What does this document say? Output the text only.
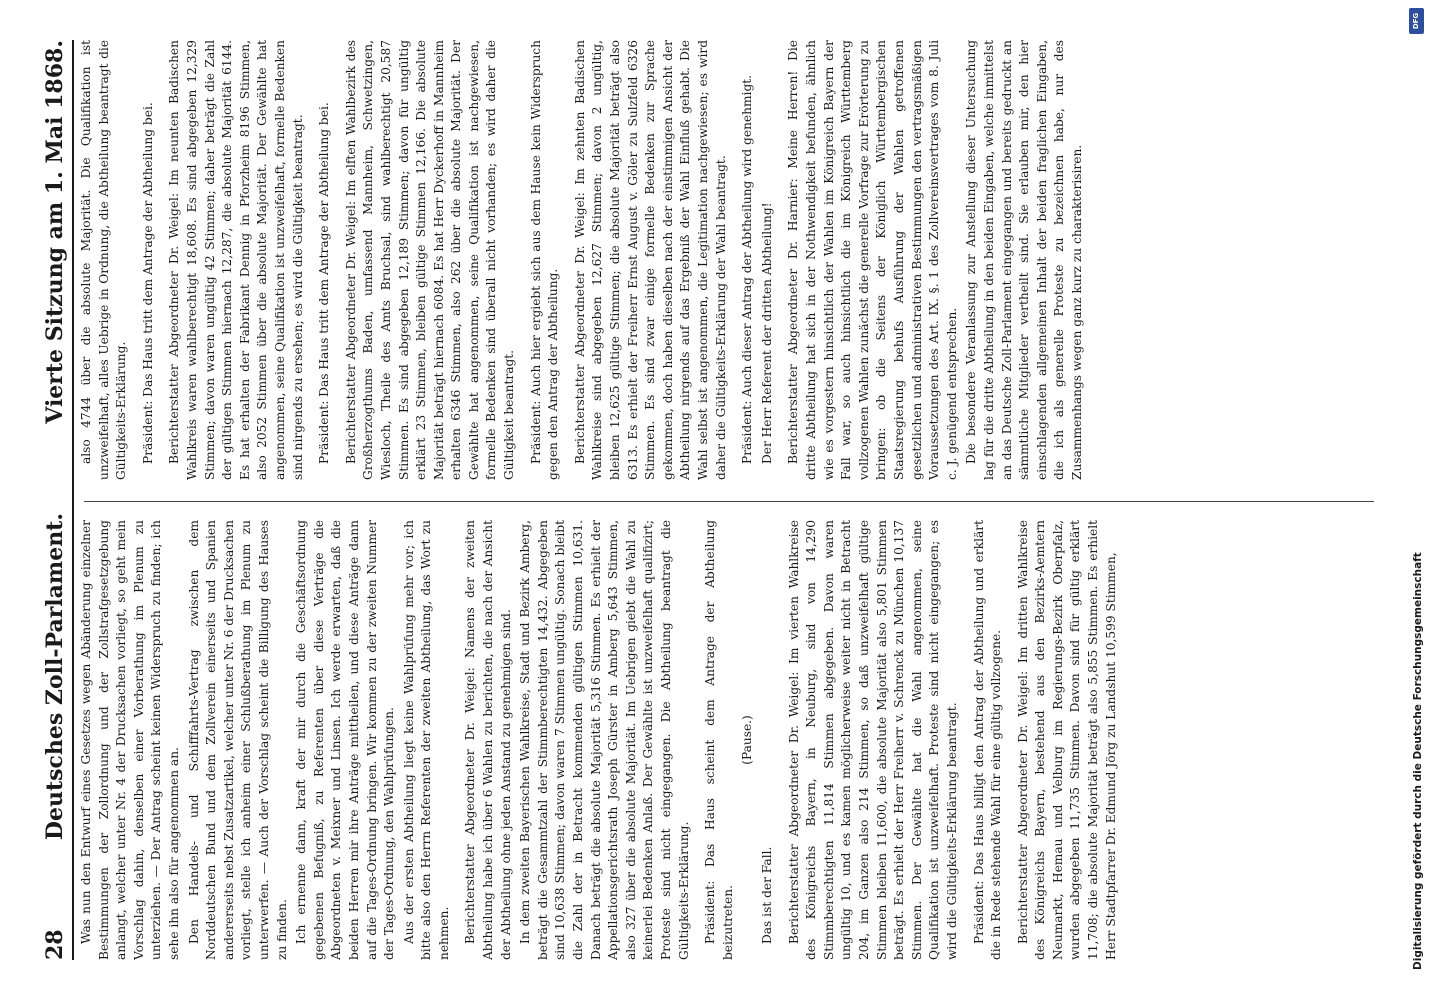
28
Deutsches Zoll-Parlament.
Vierte Sitzung am 1. Mai 1868.

Was nun den Entwurf eines Gesetzes wegen Abänderung einzelner Bestimmungen der Zollordnung und der Zollstrafgesetzgebung anlangt, welcher unter Nr. 4 der Drucksachen vorliegt, so geht mein Vorschlag dahin, denselben einer Vorberathung im Plenum zu unterziehen. — Der Antrag scheint keinen Widerspruch zu finden; ich sehe ihn also für angenommen an. Den Handels- und Schifffahrts-Vertrag zwischen dem Norddeutschen Bund und dem Zollverein einerseits und Spanien andererseits nebst Zusatzartikel, welcher unter Nr. 6 der Drucksachen vorliegt, stelle ich anheim einer Schlußberathung im Plenum zu unterwerfen. — Auch der Vorschlag scheint die Billigung des Hauses zu finden. Ich ernenne dann, kraft der mir durch die Geschäftsordnung gegebenen Befugniß, zu Referenten über diese Verträge die Abgeordneten v. Meixner und Linsen. Ich werde erwarten, daß die beiden Herren mir ihre Anträge mittheilen, und diese Anträge dann auf die Tages-Ordnung bringen. Wir kommen zu der zweiten Nummer der Tages-Ordnung, den Wahlprüfungen. Aus der ersten Abtheilung liegt keine Wahlprüfung mehr vor; ich bitte also den Herrn Referenten der zweiten Abtheilung, das Wort zu nehmen. Berichterstatter Abgeordneter Dr. Weigel: Namens der zweiten Abtheilung habe ich über 6 Wahlen zu berichten, die nach der Ansicht der Abtheilung ohne jeden Anstand zu genehmigen sind. In dem zweiten Bayerischen Wahlkreise, Stadt und Bezirk Amberg, beträgt die Gesammtzahl der Stimmberechtigten 14,432. Abgegeben sind 10,638 Stimmen; davon waren 7 Stimmen ungültig. Sonach bleibt die Zahl der in Betracht kommenden gültigen Stimmen 10,631. Danach beträgt die absolute Majorität 5,316 Stimmen. Es erhielt der Appellationsgerichtsrath Joseph Gürster in Amberg 5,643 Stimmen, also 327 über die absolute Majorität. Im Uebrigen giebt die Wahl zu keinerlei Bedenken Anlaß. Der Gewählte ist unzweifelhaft qualifizirt; Proteste sind nicht eingegangen. Die Abtheilung beantragt die Gültigkeits-Erklärung. Präsident: Das Haus scheint dem Antrage der Abtheilung beizutreten.

(Pause.)

Das ist der Fall. Berichterstatter Abgeordneter Dr. Weigel: Im vierten Wahlkreise des Königreichs Bayern, in Neuburg, sind von 14,290 Stimmberechtigten 11,814 Stimmen abgegeben. Davon waren ungültig 10, und es kamen möglicherweise weiter nicht in Betracht 204, im Ganzen also 214 Stimmen, so daß unzweifelhaft gültige Stimmen bleiben 11,600, die absolute Majorität also 5,801 Stimmen beträgt. Es erhielt der Herr Freiherr v. Schrenck zu München 10,137 Stimmen. Der Gewählte hat die Wahl angenommen, seine Qualifikation ist unzweifelhaft. Proteste sind nicht eingegangen; es wird die Gültigkeits-Erklärung beantragt. Präsident: Das Haus billigt den Antrag der Abtheilung und erklärt die in Rede stehende Wahl für eine gültig vollzogene. Berichterstatter Abgeordneter Dr. Weigel: Im dritten Wahlkreise des Königreichs Bayern, bestehend aus den Bezirks-Aemtern Neumarkt, Hemau und Velburg im Regierungs-Bezirk Oberpfalz, wurden abgegeben 11,735 Stimmen. Davon sind für gültig erklärt 11,708; die absolute Majorität beträgt also 5,855 Stimmen. Es erhielt Herr Stadtpfarrer Dr. Edmund Jörg zu Landshut 10,599 Stimmen,

also 4744 über die absolute Majorität. Die Qualifikation ist unzweifelhaft, alles Uebrige in Ordnung, die Abtheilung beantragt die Gültigkeits-Erklärung. Präsident: Das Haus tritt dem Antrage der Abtheilung bei. Berichterstatter Abgeordneter Dr. Weigel: Im neunten Badischen Wahlkreis waren wahlberechtigt 18,608. Es sind abgegeben 12,329 Stimmen; davon waren ungültig 42 Stimmen; daher beträgt die Zahl der gültigen Stimmen hiernach 12,287, die absolute Majorität 6144. Es hat erhalten der Fabrikant Dennig in Pforzheim 8196 Stimmen, also 2052 Stimmen über die absolute Majorität. Der Gewählte hat angenommen, seine Qualifikation ist unzweifelhaft, formelle Bedenken sind nirgends zu ersehen; es wird die Gültigkeit beantragt. Präsident: Das Haus tritt dem Antrage der Abtheilung bei. Berichterstatter Abgeordneter Dr. Weigel: Im elften Wahlbezirk des Großherzogthums Baden, umfassend Mannheim, Schwetzingen, Wiesloch, Theile des Amts Bruchsal, sind wahlberechtigt 20,587 Stimmen. Es sind abgegeben 12,189 Stimmen; davon für ungültig erklärt 23 Stimmen, bleiben gültige Stimmen 12,166. Die absolute Majorität beträgt hiernach 6084. Es hat Herr Dyckerhoff in Mannheim erhalten 6346 Stimmen, also 262 über die absolute Majorität. Der Gewählte hat angenommen, seine Qualifikation ist nachgewiesen, formelle Bedenken sind überall nicht vorhanden; es wird daher die Gültigkeit beantragt. Präsident: Auch hier ergiebt sich aus dem Hause kein Widerspruch gegen den Antrag der Abtheilung. Berichterstatter Abgeordneter Dr. Weigel: Im zehnten Badischen Wahlkreise sind abgegeben 12,627 Stimmen; davon 2 ungültig, bleiben 12,625 gültige Stimmen; die absolute Majorität beträgt also 6313. Es erhielt der Freiherr Ernst August v. Göler zu Sulzfeld 6326 Stimmen. Es sind zwar einige formelle Bedenken zur Sprache gekommen, doch haben dieselben nach der einstimmigen Ansicht der Abtheilung nirgends auf das Ergebniß der Wahl Einfluß gehabt. Die Wahl selbst ist angenommen, die Legitimation nachgewiesen; es wird daher die Gültigkeits-Erklärung der Wahl beantragt. Präsident: Auch dieser Antrag der Abtheilung wird genehmigt. Der Herr Referent der dritten Abtheilung! Berichterstatter Abgeordneter Dr. Harnier: Meine Herren! Die dritte Abtheilung hat sich in der Nothwendigkeit befunden, ähnlich wie es vorgestern hinsichtlich der Wahlen im Königreich Bayern der Fall war, so auch hinsichtlich die im Königreich Württemberg vollzogenen Wahlen zunächst die generelle Vorfrage zur Erörterung zu bringen: ob die Seitens der Königlich Württembergischen Staatsregierung behufs Ausführung der Wahlen getroffenen gesetzlichen und administrativen Bestimmungen den vertragsmäßigen Voraussetzungen des Art. IX. §. 1 des Zollvereinsvertrages vom 8. Juli c. J. genügend entsprechen. Die besondere Veranlassung zur Anstellung dieser Untersuchung lag für die dritte Abtheilung in den beiden Eingaben, welche inmittelst an das Deutsche Zoll-Parlament eingegangen und bereits gedruckt an sämmtliche Mitglieder vertheilt sind. Sie erlauben mir, den hier einschlagenden allgemeinen Inhalt der beiden fraglichen Eingaben, die ich als generelle Proteste zu bezeichnen habe, nur des Zusammenhangs wegen ganz kurz zu charakterisiren.

DFG
Digitalisierung gefördert durch die Deutsche Forschungsgemeinschaft
